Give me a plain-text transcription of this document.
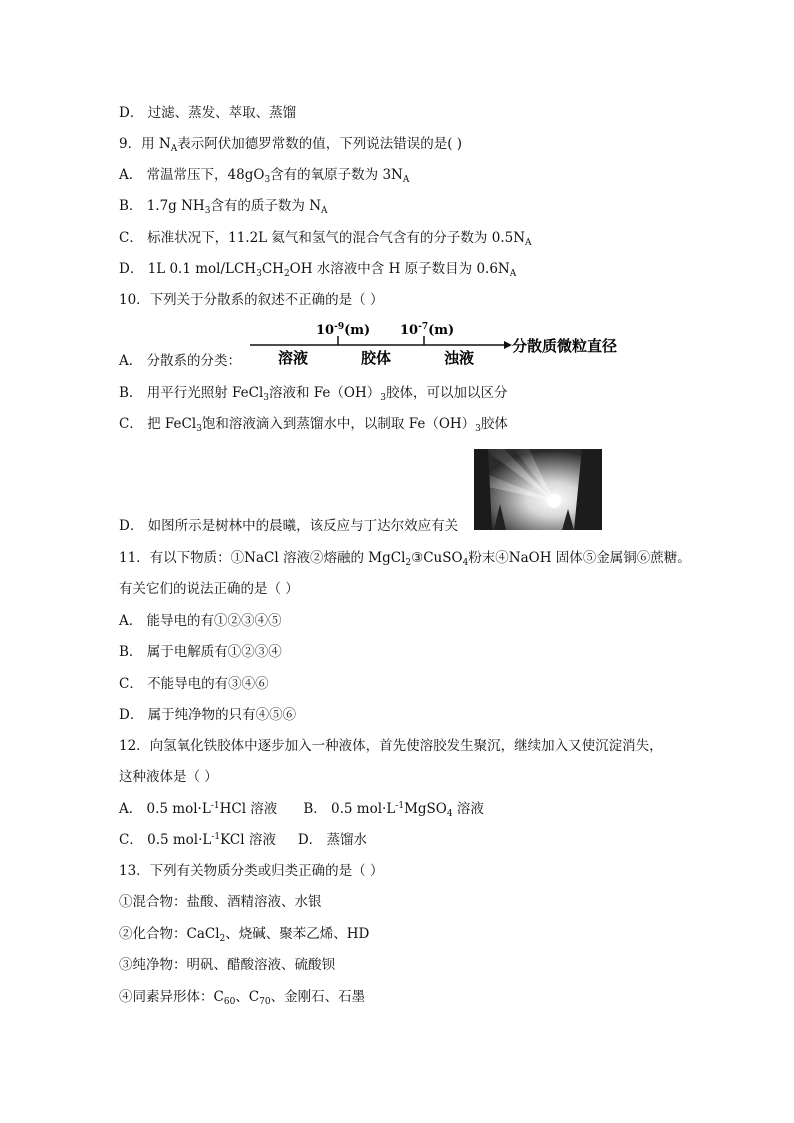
D． 过滤、蒸发、萃取、蒸馏
9．用 $N_A$表示阿伏加德罗常数的值，下列说法错误的是( )
A． 常温常压下，$48gO_3$含有的氧原子数为 $3N_A$
B． 1.7g $NH_3$含有的质子数为 $N_A$
C． 标准状况下，11.2L 氦气和氢气的混合气含有的分子数为 $0.5N_A$
D． 1L 0.1 mol/$LCH_3CH_2OH$ 水溶液中含 H 原子数目为 $0.6N_A$
10．下列关于分散系的叙述不正确的是（ ）
A． 分散系的分类：
$10^{-9}(m)$ $10^{-7}(m)$
溶液	胶体	浊液
分散质微粒直径
B． 用平行光照射 FeCl$_3$溶液和 $Fe(OH)_3$胶体，可以加以区分
C． 把 FeCl$_3$饱和溶液滴入到蒸馏水中，以制取 $Fe(OH)_3$胶体
D． 如图所示是树林中的晨曦，该反应与丁达尔效应有关
11．有以下物质：①NaCl 溶液②熔融的 MgCl$_2$③CuSO$_4$粉末④NaOH 固体⑤金属铜⑥蔗糖。
有关它们的说法正确的是（ ）
A． 能导电的有①②③④⑤
B． 属于电解质有①②③④
C． 不能导电的有③④⑥
D． 属于纯净物的只有④⑤⑥
12．向氢氧化铁胶体中逐步加入一种液体，首先使溶胶发生聚沉，继续加入又使沉淀消失，
这种液体是（ ）
A． 0.5 $mol\cdot L^{-1}HCl$ 溶液 B． 0.5 $mol\cdot L^{-1}MgSO_4$ 溶液
C． 0.5 $mol\cdot L^{-1}KCl$ 溶液 D． 蒸馏水
13．下列有关物质分类或归类正确的是（ ）
①混合物：盐酸、酒精溶液、水银
②化合物：CaCl$_2$、烧碱、聚苯乙烯、HD
③纯净物：明矾、醋酸溶液、硫酸钡
④同素异形体：$C_{60}$、$C_{70}$、金刚石、石墨
